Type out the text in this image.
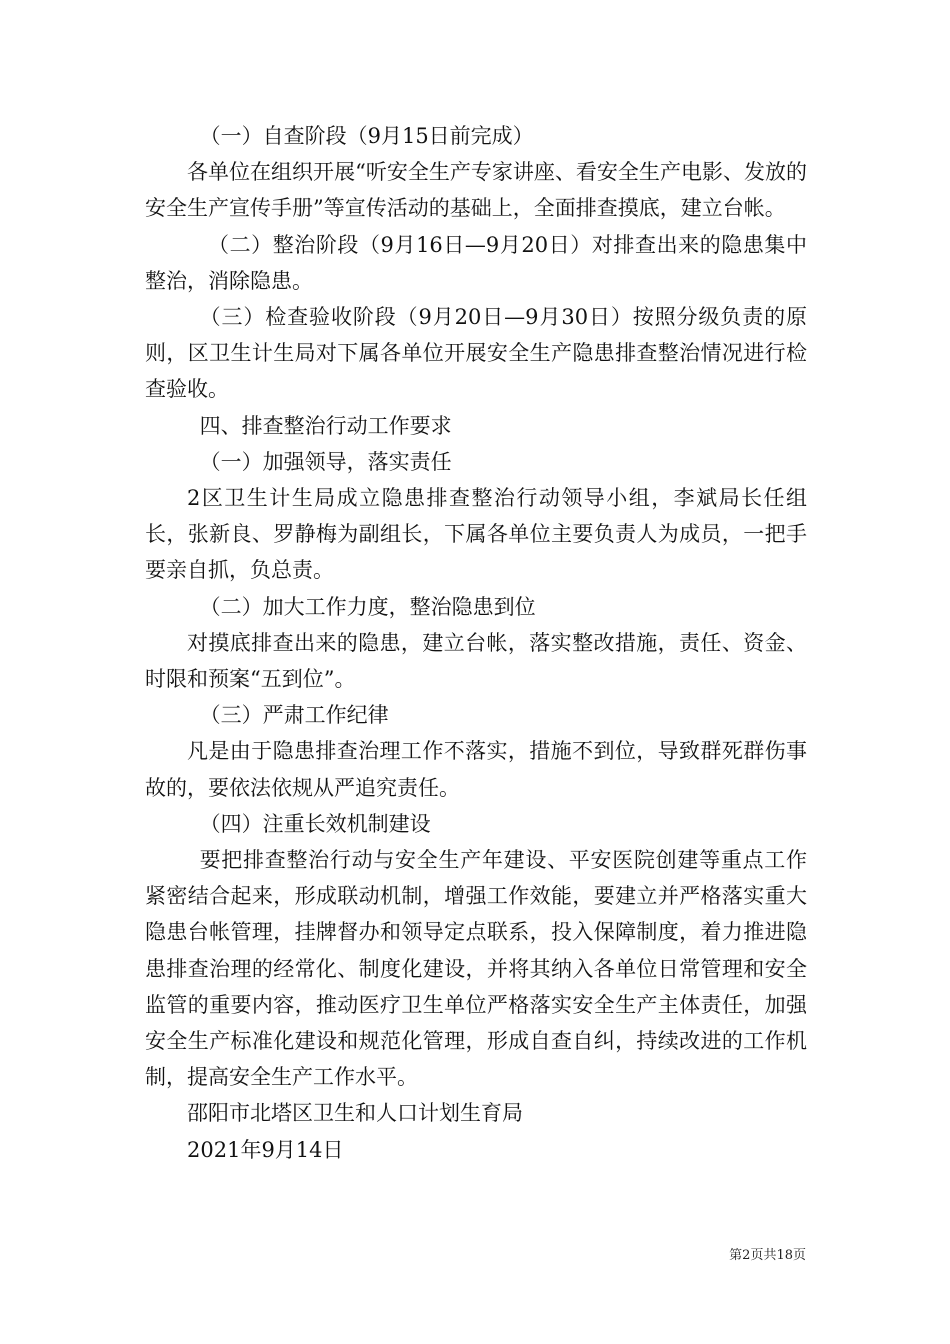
（一）自查阶段（9月15日前完成）

各单位在组织开展“听安全生产专家讲座、看安全生产电影、发放的安全生产宣传手册”等宣传活动的基础上，全面排查摸底，建立台帐。

（二）整治阶段（9月16日—9月20日）对排查出来的隐患集中整治，消除隐患。

（三）检查验收阶段（9月20日—9月30日）按照分级负责的原则，区卫生计生局对下属各单位开展安全生产隐患排查整治情况进行检查验收。

四、排查整治行动工作要求

（一）加强领导，落实责任

2区卫生计生局成立隐患排查整治行动领导小组，李斌局长任组长，张新良、罗静梅为副组长，下属各单位主要负责人为成员，一把手要亲自抓，负总责。

（二）加大工作力度，整治隐患到位

对摸底排查出来的隐患，建立台帐，落实整改措施，责任、资金、时限和预案“五到位”。

（三）严肃工作纪律

凡是由于隐患排查治理工作不落实，措施不到位，导致群死群伤事故的，要依法依规从严追究责任。

（四）注重长效机制建设

要把排查整治行动与安全生产年建设、平安医院创建等重点工作紧密结合起来，形成联动机制，增强工作效能，要建立并严格落实重大隐患台帐管理，挂牌督办和领导定点联系，投入保障制度，着力推进隐患排查治理的经常化、制度化建设，并将其纳入各单位日常管理和安全监管的重要内容，推动医疗卫生单位严格落实安全生产主体责任，加强安全生产标准化建设和规范化管理，形成自查自纠，持续改进的工作机制，提高安全生产工作水平。

邵阳市北塔区卫生和人口计划生育局

2021年9月14日

第2页共18页
